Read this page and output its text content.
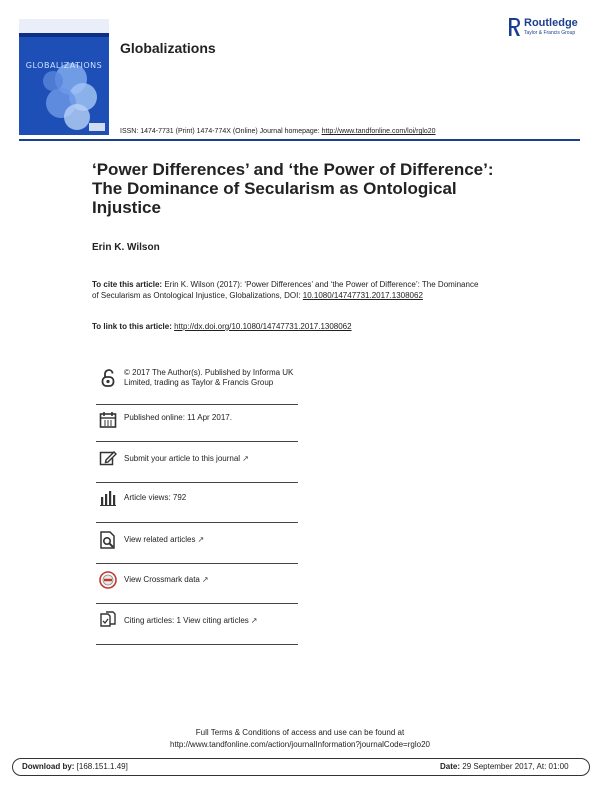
GLOBALIZATIONS
Globalizations
Routledge
Taylor & Francis Group
ISSN: 1474-7731 (Print) 1474-774X (Online) Journal homepage: http://www.tandfonline.com/loi/rglo20
‘Power Differences’ and ‘the Power of Difference’: The Dominance of Secularism as Ontological Injustice
Erin K. Wilson
To cite this article: Erin K. Wilson (2017): ‘Power Differences’ and ‘the Power of Difference’: The Dominance of Secularism as Ontological Injustice, Globalizations, DOI: 10.1080/14747731.2017.1308062
To link to this article: http://dx.doi.org/10.1080/14747731.2017.1308062
© 2017 The Author(s). Published by Informa UK Limited, trading as Taylor & Francis Group
Published online: 11 Apr 2017.
Submit your article to this journal ↗
Article views: 792
View related articles ↗
View Crossmark data ↗
Citing articles: 1 View citing articles ↗
Full Terms & Conditions of access and use can be found at
http://www.tandfonline.com/action/journalInformation?journalCode=rglo20
Download by: [168.151.1.49]	Date: 29 September 2017, At: 01:00
